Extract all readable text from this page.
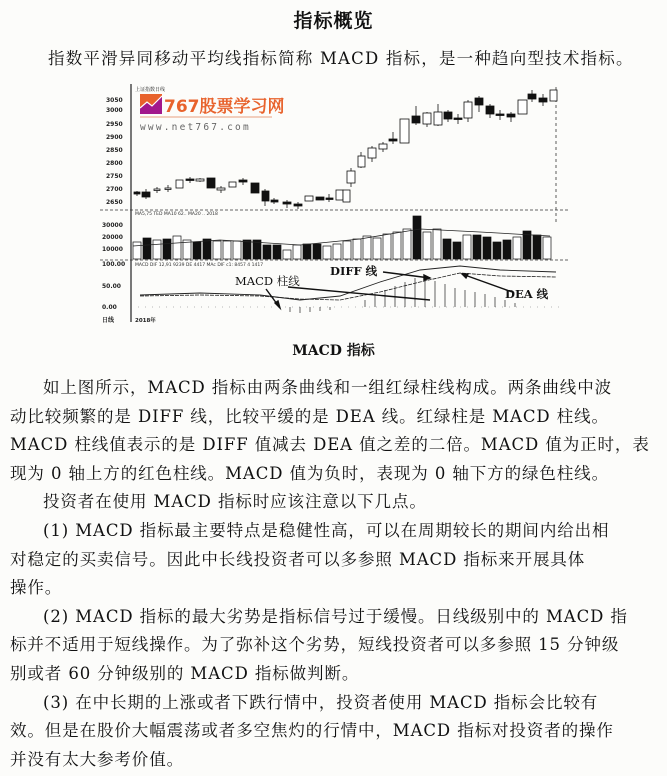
指标概览
指数平滑异同移动平均线指标简称 MACD 指标，是一种趋向型技术指标。
3050
3000
2950
2900
2850
2800
2750
2700
2650
上证指数日线
767股票学习网
www.net767.com
30000
20000
10000
MA5,75 TED MA10 62.. MA20 .. 2018
100.00
50.00
0.00
MACD DIF 12,91 9239 DE 4417 MAc DIF c1: 8457 4 1417
日线	2018年
MACD 柱线
DIFF 线
DEA 线
MACD 指标

如上图所示，MACD 指标由两条曲线和一组红绿柱线构成。两条曲线中波
动比较频繁的是 DIFF 线，比较平缓的是 DEA 线。红绿柱是 MACD 柱线。
MACD 柱线值表示的是 DIFF 值减去 DEA 值之差的二倍。MACD 值为正时，表
现为 0 轴上方的红色柱线。MACD 值为负时，表现为 0 轴下方的绿色柱线。

投资者在使用 MACD 指标时应该注意以下几点。

(1) MACD 指标最主要特点是稳健性高，可以在周期较长的期间内给出相
对稳定的买卖信号。因此中长线投资者可以多参照 MACD 指标来开展具体
操作。

(2) MACD 指标的最大劣势是指标信号过于缓慢。日线级别中的 MACD 指
标并不适用于短线操作。为了弥补这个劣势，短线投资者可以多参照 15 分钟级
别或者 60 分钟级别的 MACD 指标做判断。

(3) 在中长期的上涨或者下跌行情中，投资者使用 MACD 指标会比较有
效。但是在股价大幅震荡或者多空焦灼的行情中，MACD 指标对投资者的操作
并没有太大参考价值。
